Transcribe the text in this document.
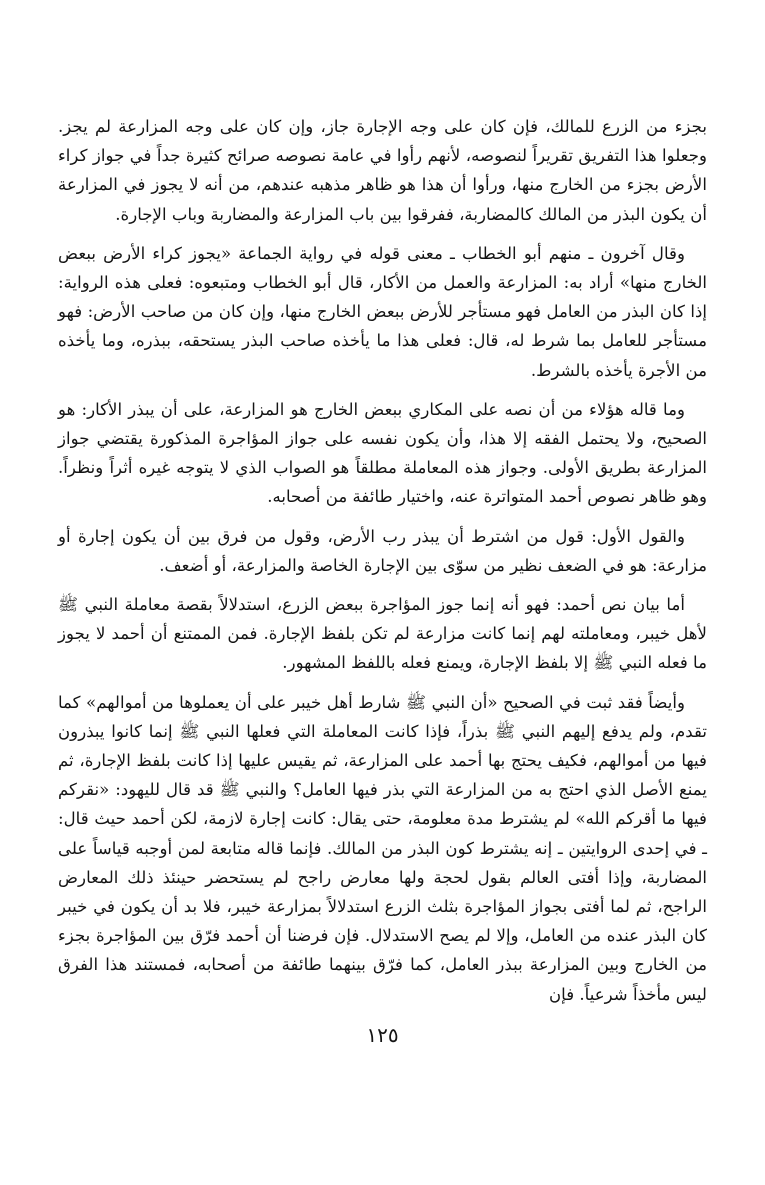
بجزء من الزرع للمالك، فإن كان على وجه الإجارة جاز، وإن كان على وجه المزارعة لم يجز. وجعلوا هذا التفريق تقريراً لنصوصه، لأنهم رأوا في عامة نصوصه صرائح كثيرة جداً في جواز كراء الأرض بجزء من الخارج منها، ورأوا أن هذا هو ظاهر مذهبه عندهم، من أنه لا يجوز في المزارعة أن يكون البذر من المالك كالمضاربة، ففرقوا بين باب المزارعة والمضاربة وباب الإجارة.

وقال آخرون ـ منهم أبو الخطاب ـ معنى قوله في رواية الجماعة «يجوز كراء الأرض ببعض الخارج منها» أراد به: المزارعة والعمل من الأكار، قال أبو الخطاب ومتبعوه: فعلى هذه الرواية: إذا كان البذر من العامل فهو مستأجر للأرض ببعض الخارج منها، وإن كان من صاحب الأرض: فهو مستأجر للعامل بما شرط له، قال: فعلى هذا ما يأخذه صاحب البذر يستحقه، ببذره، وما يأخذه من الأجرة يأخذه بالشرط.

وما قاله هؤلاء من أن نصه على المكاري ببعض الخارج هو المزارعة، على أن يبذر الأكار: هو الصحيح، ولا يحتمل الفقه إلا هذا، وأن يكون نفسه على جواز المؤاجرة المذكورة يقتضي جواز المزارعة بطريق الأولى. وجواز هذه المعاملة مطلقاً هو الصواب الذي لا يتوجه غيره أثراً ونظراً. وهو ظاهر نصوص أحمد المتواترة عنه، واختيار طائفة من أصحابه.

والقول الأول: قول من اشترط أن يبذر رب الأرض، وقول من فرق بين أن يكون إجارة أو مزارعة: هو في الضعف نظير من سوّى بين الإجارة الخاصة والمزارعة، أو أضعف.

أما بيان نص أحمد: فهو أنه إنما جوز المؤاجرة ببعض الزرع، استدلالاً بقصة معاملة النبي ﷺ لأهل خيبر، ومعاملته لهم إنما كانت مزارعة لم تكن بلفظ الإجارة. فمن الممتنع أن أحمد لا يجوز ما فعله النبي ﷺ إلا بلفظ الإجارة، ويمنع فعله باللفظ المشهور.

وأيضاً فقد ثبت في الصحيح «أن النبي ﷺ شارط أهل خيبر على أن يعملوها من أموالهم» كما تقدم، ولم يدفع إليهم النبي ﷺ بذراً، فإذا كانت المعاملة التي فعلها النبي ﷺ إنما كانوا يبذرون فيها من أموالهم، فكيف يحتج بها أحمد على المزارعة، ثم يقيس عليها إذا كانت بلفظ الإجارة، ثم يمنع الأصل الذي احتج به من المزارعة التي بذر فيها العامل؟ والنبي ﷺ قد قال لليهود: «نقركم فيها ما أقركم الله» لم يشترط مدة معلومة، حتى يقال: كانت إجارة لازمة، لكن أحمد حيث قال: ـ في إحدى الروايتين ـ إنه يشترط كون البذر من المالك. فإنما قاله متابعة لمن أوجبه قياساً على المضاربة، وإذا أفتى العالم بقول لحجة ولها معارض راجح لم يستحضر حينئذ ذلك المعارض الراجح، ثم لما أفتى بجواز المؤاجرة بثلث الزرع استدلالاً بمزارعة خيبر، فلا بد أن يكون في خيبر كان البذر عنده من العامل، وإلا لم يصح الاستدلال. فإن فرضنا أن أحمد فرّق بين المؤاجرة بجزء من الخارج وبين المزارعة ببذر العامل، كما فرّق بينهما طائفة من أصحابه، فمستند هذا الفرق ليس مأخذاً شرعياً. فإن

١٢٥
